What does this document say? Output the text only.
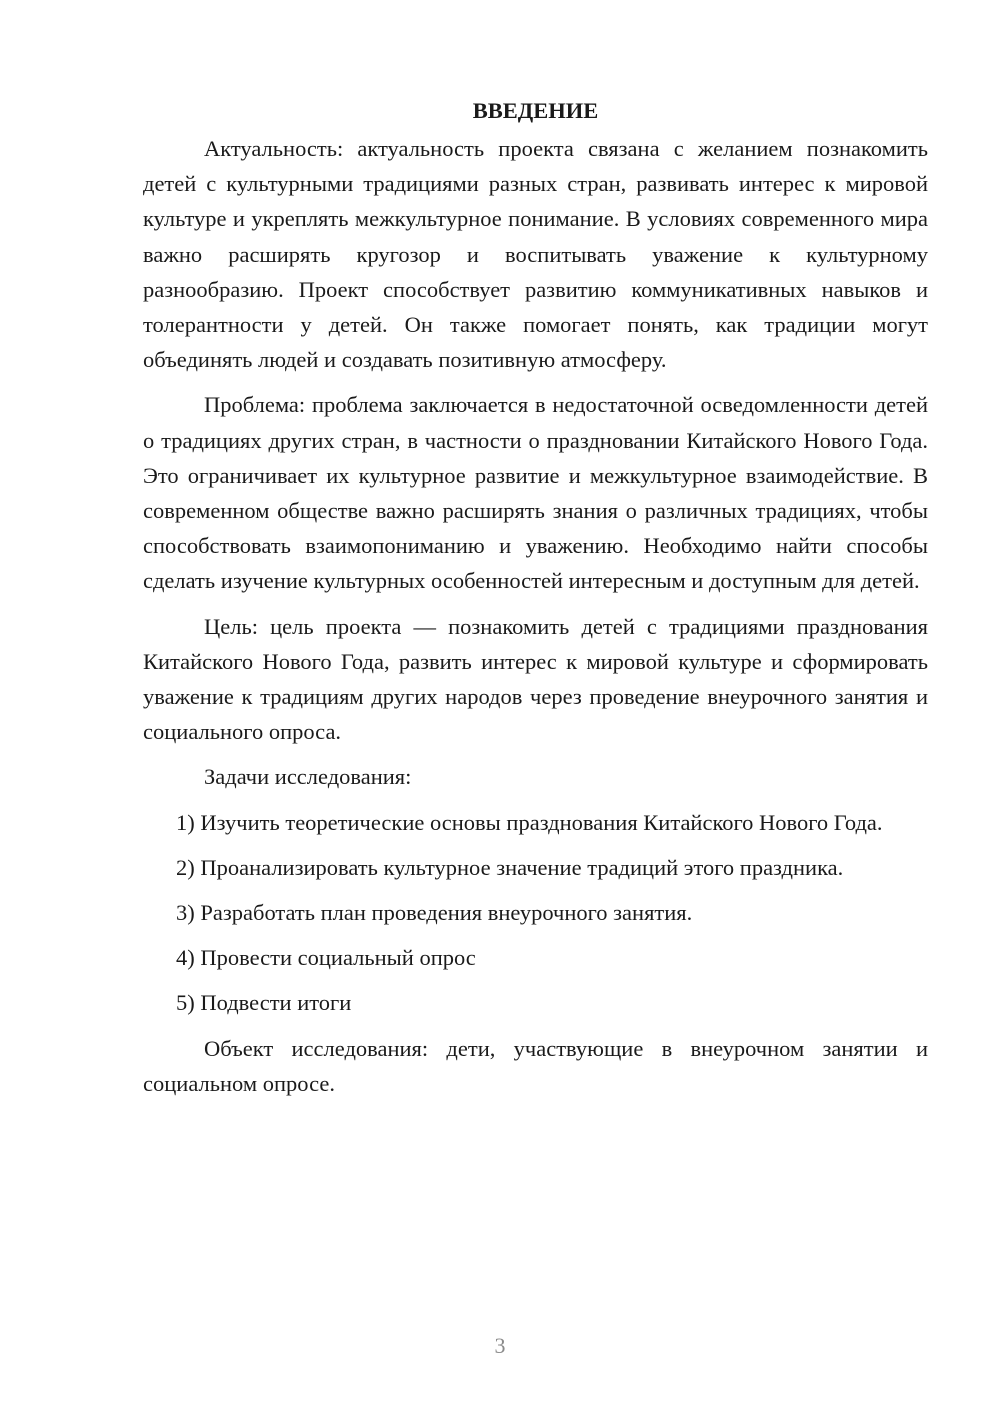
ВВЕДЕНИЕ

Актуальность: актуальность проекта связана с желанием познакомить детей с культурными традициями разных стран, развивать интерес к мировой культуре и укреплять межкультурное понимание. В условиях современного мира важно расширять кругозор и воспитывать уважение к культурному разнообразию. Проект способствует развитию коммуникативных навыков и толерантности у детей. Он также помогает понять, как традиции могут объединять людей и создавать позитивную атмосферу.

Проблема: проблема заключается в недостаточной осведомленности детей о традициях других стран, в частности о праздновании Китайского Нового Года. Это ограничивает их культурное развитие и межкультурное взаимодействие. В современном обществе важно расширять знания о различных традициях, чтобы способствовать взаимопониманию и уважению. Необходимо найти способы сделать изучение культурных особенностей интересным и доступным для детей.

Цель: цель проекта — познакомить детей с традициями празднования Китайского Нового Года, развить интерес к мировой культуре и сформировать уважение к традициям других народов через проведение внеурочного занятия и социального опроса.

Задачи исследования:

1) Изучить теоретические основы празднования Китайского Нового Года.

2) Проанализировать культурное значение традиций этого праздника.

3) Разработать план проведения внеурочного занятия.

4) Провести социальный опрос

5) Подвести итоги

Объект исследования: дети, участвующие в внеурочном занятии и социальном опросе.

3
